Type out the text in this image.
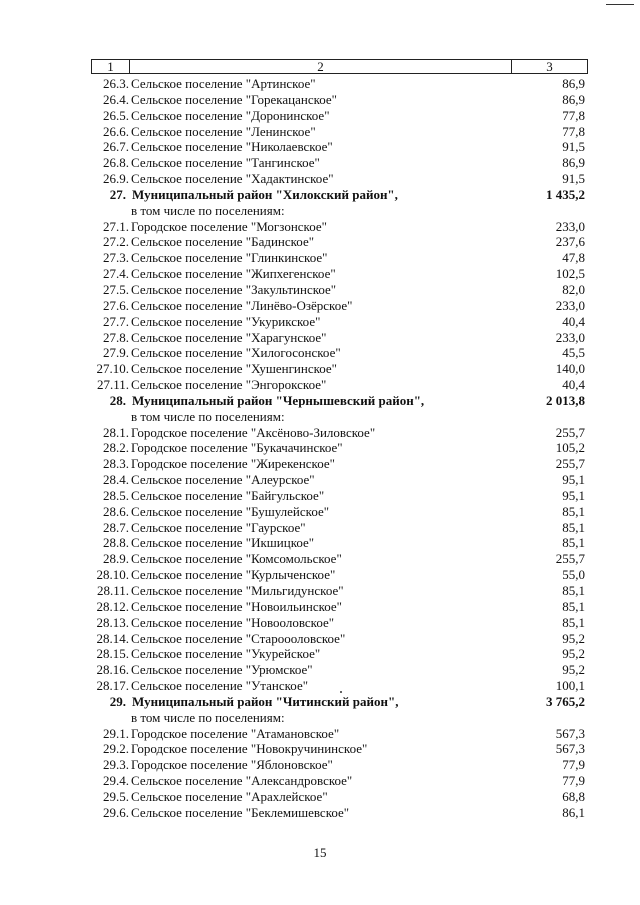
1	2	3
26.3. Сельское поселение "Артинское"	86,9
26.4. Сельское поселение "Горекацанское"	86,9
26.5. Сельское поселение "Доронинское"	77,8
26.6. Сельское поселение "Ленинское"	77,8
26.7. Сельское поселение "Николаевское"	91,5
26.8. Сельское поселение "Тангинское"	86,9
26.9. Сельское поселение "Хадактинское"	91,5
27. Муниципальный район "Хилокский район",	1 435,2
в том числе по поселениям:
27.1. Городское поселение "Могзонское"	233,0
27.2. Сельское поселение "Бадинское"	237,6
27.3. Сельское поселение "Глинкинское"	47,8
27.4. Сельское поселение "Жипхегенское"	102,5
27.5. Сельское поселение "Закультинское"	82,0
27.6. Сельское поселение "Линёво-Озёрское"	233,0
27.7. Сельское поселение "Укурикское"	40,4
27.8. Сельское поселение "Харагунское"	233,0
27.9. Сельское поселение "Хилогосонское"	45,5
27.10. Сельское поселение "Хушенгинское"	140,0
27.11. Сельское поселение "Энгорокское"	40,4
28. Муниципальный район "Чернышевский район",	2 013,8
в том числе по поселениям:
28.1. Городское поселение "Аксёново-Зиловское"	255,7
28.2. Городское поселение "Букачачинское"	105,2
28.3. Городское поселение "Жирекенское"	255,7
28.4. Сельское поселение "Алеурское"	95,1
28.5. Сельское поселение "Байгульское"	95,1
28.6. Сельское поселение "Бушулейское"	85,1
28.7. Сельское поселение "Гаурское"	85,1
28.8. Сельское поселение "Икшицкое"	85,1
28.9. Сельское поселение "Комсомольское"	255,7
28.10. Сельское поселение "Курлыченское"	55,0
28.11. Сельское поселение "Мильгидунское"	85,1
28.12. Сельское поселение "Новоильинское"	85,1
28.13. Сельское поселение "Новооловское"	85,1
28.14. Сельское поселение "Староооловское"	95,2
28.15. Сельское поселение "Укурейское"	95,2
28.16. Сельское поселение "Урюмское"	95,2
28.17. Сельское поселение "Утанское"	100,1
29. Муниципальный район "Читинский район",	3 765,2
в том числе по поселениям:
29.1. Городское поселение "Атамановское"	567,3
29.2. Городское поселение "Новокручининское"	567,3
29.3. Городское поселение "Яблоновское"	77,9
29.4. Сельское поселение "Александровское"	77,9
29.5. Сельское поселение "Арахлейское"	68,8
29.6. Сельское поселение "Беклемишевское"	86,1
15
